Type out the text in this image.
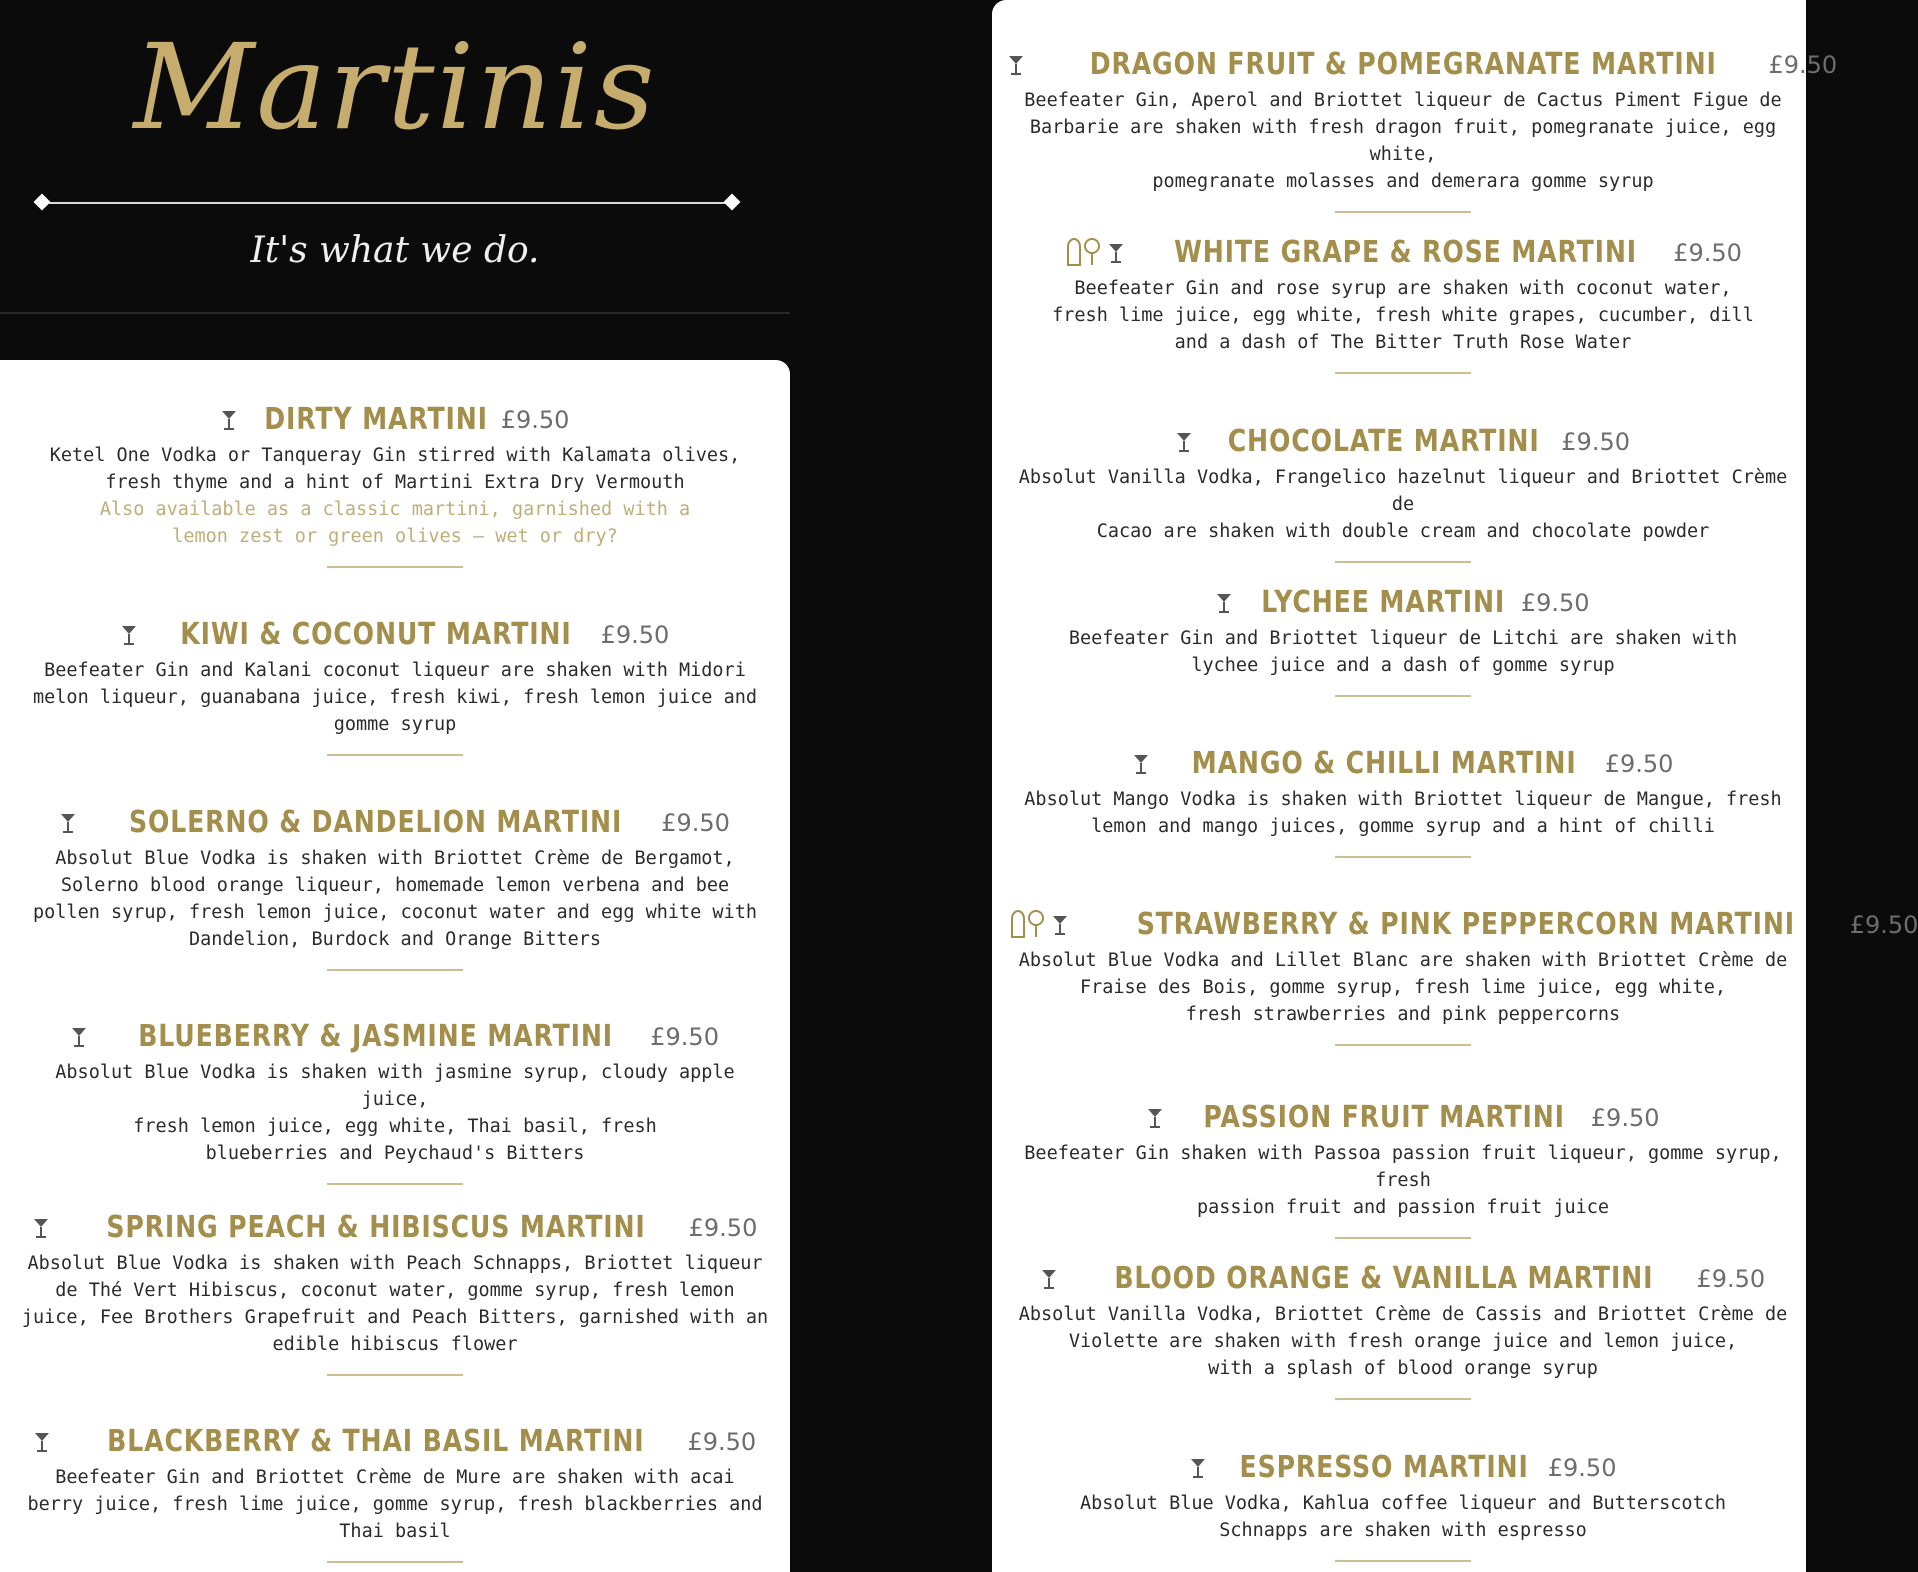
Martinis
It's what we do.
DIRTY MARTINI £9.50
Ketel One Vodka or Tanqueray Gin stirred with Kalamata olives,
fresh thyme and a hint of Martini Extra Dry Vermouth
Also available as a classic martini, garnished with a
lemon zest or green olives – wet or dry?
KIWI & COCONUT MARTINI £9.50
Beefeater Gin and Kalani coconut liqueur are shaken with Midori
melon liqueur, guanabana juice, fresh kiwi, fresh lemon juice and
gomme syrup
SOLERNO & DANDELION MARTINI £9.50
Absolut Blue Vodka is shaken with Briottet Crème de Bergamot,
Solerno blood orange liqueur, homemade lemon verbena and bee
pollen syrup, fresh lemon juice, coconut water and egg white with
Dandelion, Burdock and Orange Bitters
BLUEBERRY & JASMINE MARTINI £9.50
Absolut Blue Vodka is shaken with jasmine syrup, cloudy apple juice,
fresh lemon juice, egg white, Thai basil, fresh
blueberries and Peychaud's Bitters
SPRING PEACH & HIBISCUS MARTINI £9.50
Absolut Blue Vodka is shaken with Peach Schnapps, Briottet liqueur
de Thé Vert Hibiscus, coconut water, gomme syrup, fresh lemon
juice, Fee Brothers Grapefruit and Peach Bitters, garnished with an
edible hibiscus flower
BLACKBERRY & THAI BASIL MARTINI £9.50
Beefeater Gin and Briottet Crème de Mure are shaken with acai
berry juice, fresh lime juice, gomme syrup, fresh blackberries and
Thai basil
DRAGON FRUIT & POMEGRANATE MARTINI £9.50
Beefeater Gin, Aperol and Briottet liqueur de Cactus Piment Figue de
Barbarie are shaken with fresh dragon fruit, pomegranate juice, egg white,
pomegranate molasses and demerara gomme syrup
WHITE GRAPE & ROSE MARTINI £9.50
Beefeater Gin and rose syrup are shaken with coconut water,
fresh lime juice, egg white, fresh white grapes, cucumber, dill
and a dash of The Bitter Truth Rose Water
CHOCOLATE MARTINI £9.50
Absolut Vanilla Vodka, Frangelico hazelnut liqueur and Briottet Crème de
Cacao are shaken with double cream and chocolate powder
LYCHEE MARTINI £9.50
Beefeater Gin and Briottet liqueur de Litchi are shaken with
lychee juice and a dash of gomme syrup
MANGO & CHILLI MARTINI £9.50
Absolut Mango Vodka is shaken with Briottet liqueur de Mangue, fresh
lemon and mango juices, gomme syrup and a hint of chilli
STRAWBERRY & PINK PEPPERCORN MARTINI £9.50
Absolut Blue Vodka and Lillet Blanc are shaken with Briottet Crème de
Fraise des Bois, gomme syrup, fresh lime juice, egg white,
fresh strawberries and pink peppercorns
PASSION FRUIT MARTINI £9.50
Beefeater Gin shaken with Passoa passion fruit liqueur, gomme syrup, fresh
passion fruit and passion fruit juice
BLOOD ORANGE & VANILLA MARTINI £9.50
Absolut Vanilla Vodka, Briottet Crème de Cassis and Briottet Crème de
Violette are shaken with fresh orange juice and lemon juice,
with a splash of blood orange syrup
ESPRESSO MARTINI £9.50
Absolut Blue Vodka, Kahlua coffee liqueur and Butterscotch
Schnapps are shaken with espresso
